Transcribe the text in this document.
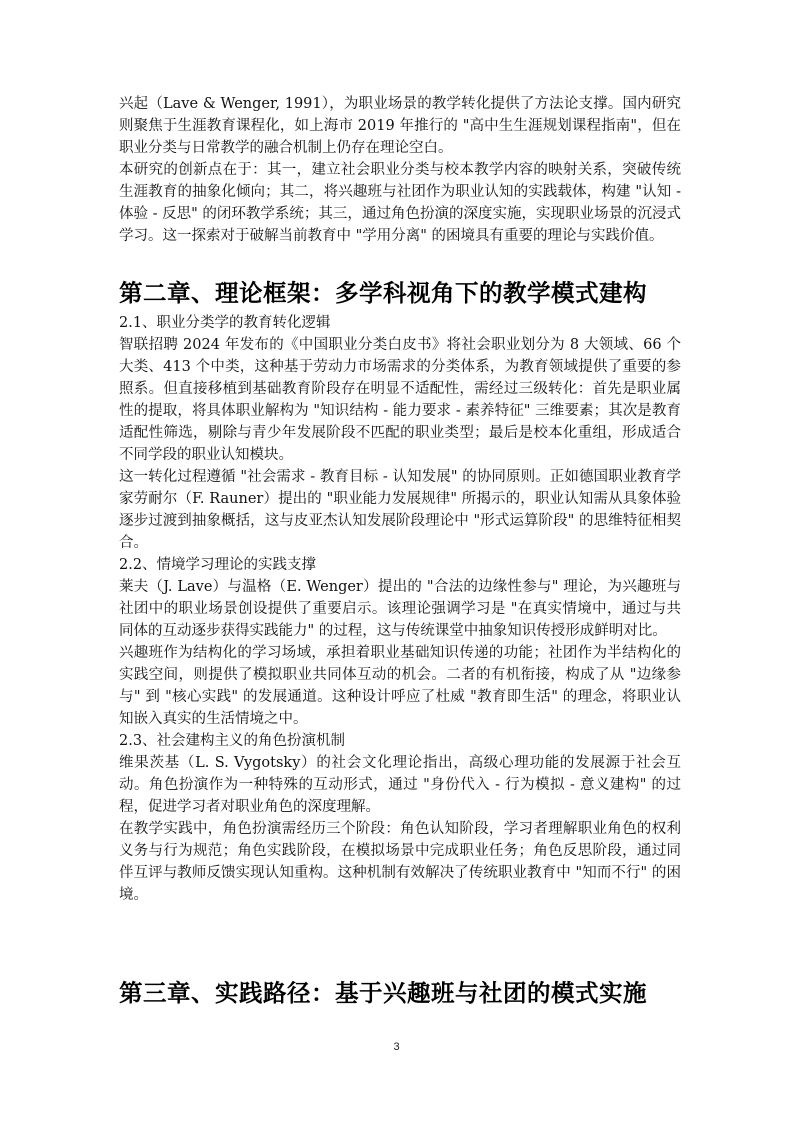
兴起（Lave & Wenger, 1991），为职业场景的教学转化提供了方法论支撑。国内研究则聚焦于生涯教育课程化，如上海市 2019 年推行的 "高中生生涯规划课程指南"，但在职业分类与日常教学的融合机制上仍存在理论空白。

本研究的创新点在于：其一，建立社会职业分类与校本教学内容的映射关系，突破传统生涯教育的抽象化倾向；其二，将兴趣班与社团作为职业认知的实践载体，构建 "认知 - 体验 - 反思" 的闭环教学系统；其三，通过角色扮演的深度实施，实现职业场景的沉浸式学习。这一探索对于破解当前教育中 "学用分离" 的困境具有重要的理论与实践价值。

第二章、理论框架：多学科视角下的教学模式建构
2.1、职业分类学的教育转化逻辑

智联招聘 2024 年发布的《中国职业分类白皮书》将社会职业划分为 8 大领域、66 个大类、413 个中类，这种基于劳动力市场需求的分类体系，为教育领域提供了重要的参照系。但直接移植到基础教育阶段存在明显不适配性，需经过三级转化：首先是职业属性的提取，将具体职业解构为 "知识结构 - 能力要求 - 素养特征" 三维要素；其次是教育适配性筛选，剔除与青少年发展阶段不匹配的职业类型；最后是校本化重组，形成适合不同学段的职业认知模块。

这一转化过程遵循 "社会需求 - 教育目标 - 认知发展" 的协同原则。正如德国职业教育学家劳耐尔（F. Rauner）提出的 "职业能力发展规律" 所揭示的，职业认知需从具象体验逐步过渡到抽象概括，这与皮亚杰认知发展阶段理论中 "形式运算阶段" 的思维特征相契合。

2.2、情境学习理论的实践支撑

莱夫（J. Lave）与温格（E. Wenger）提出的 "合法的边缘性参与" 理论，为兴趣班与社团中的职业场景创设提供了重要启示。该理论强调学习是 "在真实情境中，通过与共同体的互动逐步获得实践能力" 的过程，这与传统课堂中抽象知识传授形成鲜明对比。

兴趣班作为结构化的学习场域，承担着职业基础知识传递的功能；社团作为半结构化的实践空间，则提供了模拟职业共同体互动的机会。二者的有机衔接，构成了从 "边缘参与" 到 "核心实践" 的发展通道。这种设计呼应了杜威 "教育即生活" 的理念，将职业认知嵌入真实的生活情境之中。

2.3、社会建构主义的角色扮演机制

维果茨基（L. S. Vygotsky）的社会文化理论指出，高级心理功能的发展源于社会互动。角色扮演作为一种特殊的互动形式，通过 "身份代入 - 行为模拟 - 意义建构" 的过程，促进学习者对职业角色的深度理解。

在教学实践中，角色扮演需经历三个阶段：角色认知阶段，学习者理解职业角色的权利义务与行为规范；角色实践阶段，在模拟场景中完成职业任务；角色反思阶段，通过同伴互评与教师反馈实现认知重构。这种机制有效解决了传统职业教育中 "知而不行" 的困境。

第三章、实践路径：基于兴趣班与社团的模式实施
3
